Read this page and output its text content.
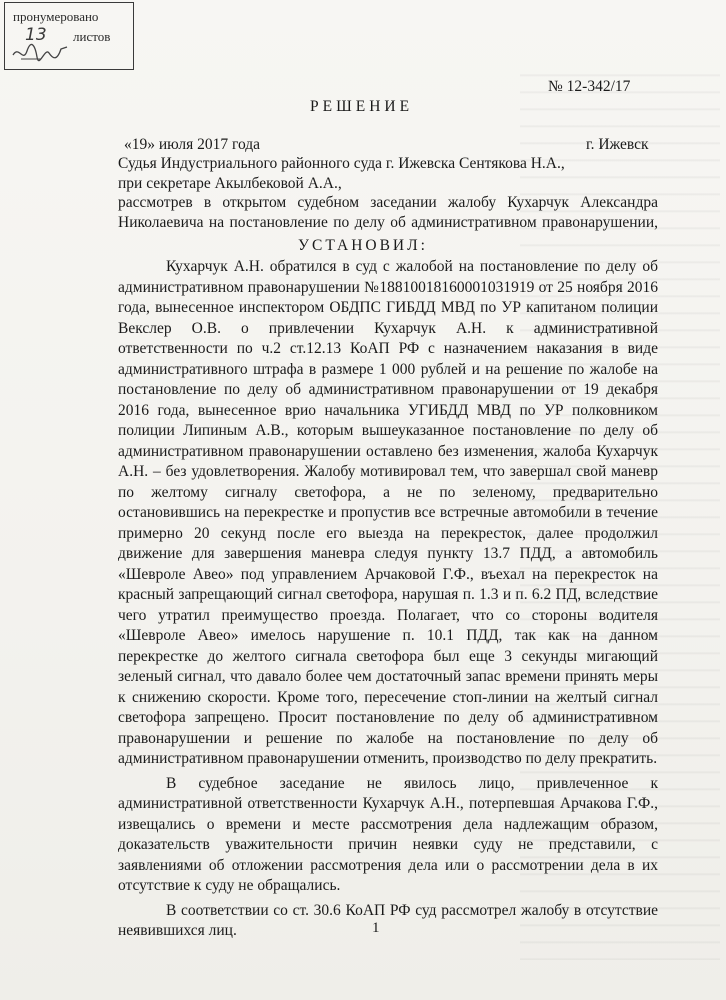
пронумеровано
13 листов
№ 12-342/17
РЕШЕНИЕ
«19» июля 2017 года	г. Ижевск
Судья Индустриального районного суда г. Ижевска Сентякова Н.А.,
при секретаре Акылбековой А.А.,
рассмотрев в открытом судебном заседании жалобу Кухарчук Александра Николаевича на постановление по делу об административном правонарушении,
УСТАНОВИЛ:

Кухарчук А.Н. обратился в суд с жалобой на постановление по делу об административном правонарушении №18810018160001031919 от 25 ноября 2016 года, вынесенное инспектором ОБДПС ГИБДД МВД по УР капитаном полиции Векслер О.В. о привлечении Кухарчук А.Н. к административной ответственности по ч.2 ст.12.13 КоАП РФ с назначением наказания в виде административного штрафа в размере 1 000 рублей и на решение по жалобе на постановление по делу об административном правонарушении от 19 декабря 2016 года, вынесенное врио начальника УГИБДД МВД по УР полковником полиции Липиным А.В., которым вышеуказанное постановление по делу об административном правонарушении оставлено без изменения, жалоба Кухарчук А.Н. – без удовлетворения. Жалобу мотивировал тем, что завершал свой маневр по желтому сигналу светофора, а не по зеленому, предварительно остановившись на перекрестке и пропустив все встречные автомобили в течение примерно 20 секунд после его выезда на перекресток, далее продолжил движение для завершения маневра следуя пункту 13.7 ПДД, а автомобиль «Шевроле Авео» под управлением Арчаковой Г.Ф., въехал на перекресток на красный запрещающий сигнал светофора, нарушая п. 1.3 и п. 6.2 ПД, вследствие чего утратил преимущество проезда. Полагает, что со стороны водителя «Шевроле Авео» имелось нарушение п. 10.1 ПДД, так как на данном перекрестке до желтого сигнала светофора был еще 3 секунды мигающий зеленый сигнал, что давало более чем достаточный запас времени принять меры к снижению скорости. Кроме того, пересечение стоп-линии на желтый сигнал светофора запрещено. Просит постановление по делу об административном правонарушении и решение по жалобе на постановление по делу об административном правонарушении отменить, производство по делу прекратить.

В судебное заседание не явилось лицо, привлеченное к административной ответственности Кухарчук А.Н., потерпевшая Арчакова Г.Ф., извещались о времени и месте рассмотрения дела надлежащим образом, доказательств уважительности причин неявки суду не представили, с заявлениями об отложении рассмотрения дела или о рассмотрении дела в их отсутствие к суду не обращались.

В соответствии со ст. 30.6 КоАП РФ суд рассмотрел жалобу в отсутствие неявившихся лиц.	1
